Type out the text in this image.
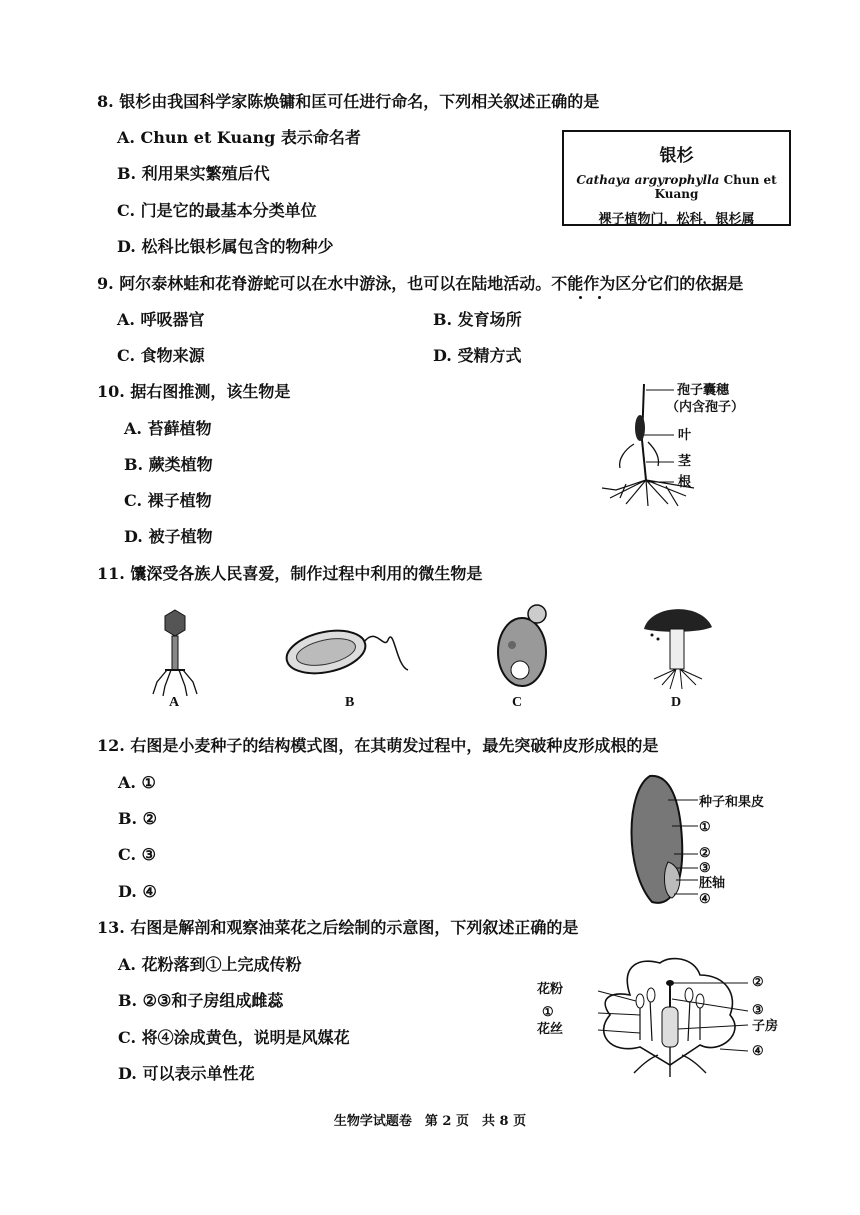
8. 银杉由我国科学家陈焕镛和匡可任进行命名，下列相关叙述正确的是
A. Chun et Kuang 表示命名者
B. 利用果实繁殖后代
C. 门是它的最基本分类单位
D. 松科比银杉属包含的物种少
银杉
Cathaya argyrophylla Chun et Kuang
裸子植物门，松科，银杉属
9. 阿尔泰林蛙和花脊游蛇可以在水中游泳，也可以在陆地活动。不能作为区分它们的依据是
A. 呼吸器官	B. 发育场所
C. 食物来源	D. 受精方式
10. 据右图推测，该生物是
A. 苔藓植物
B. 蕨类植物
C. 裸子植物
D. 被子植物
孢子囊穗
（内含孢子）
叶
茎
根
11. 馕深受各族人民喜爱，制作过程中利用的微生物是
A	B	C	D
12. 右图是小麦种子的结构模式图，在其萌发过程中，最先突破种皮形成根的是
A. ①
B. ②
C. ③
D. ④
种子和果皮
①
②
③
胚轴
④
13. 右图是解剖和观察油菜花之后绘制的示意图，下列叙述正确的是
A. 花粉落到①上完成传粉
B. ②③和子房组成雌蕊
C. 将④涂成黄色，说明是风媒花
D. 可以表示单性花
花粉
①
花丝
②
③
子房
④
生物学试题卷　第 2 页　共 8 页
